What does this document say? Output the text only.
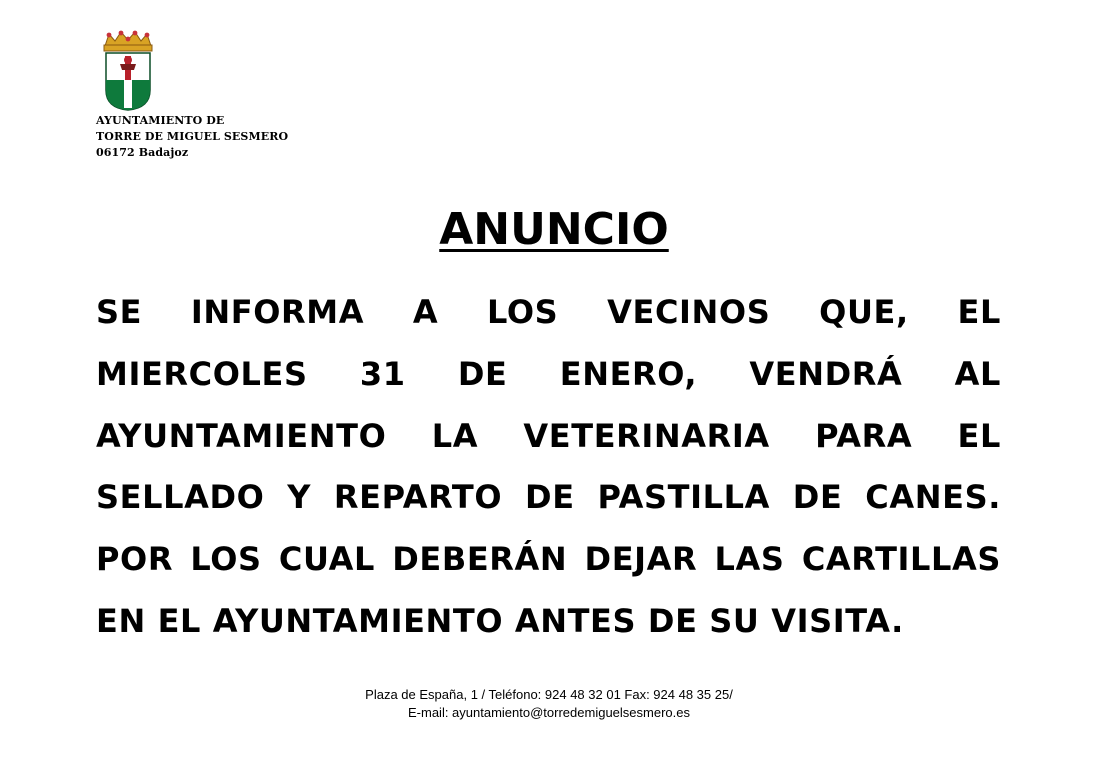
AYUNTAMIENTO DE
TORRE DE MIGUEL SESMERO
06172 Badajoz
ANUNCIO

SE INFORMA A LOS VECINOS QUE, EL MIERCOLES 31 DE ENERO, VENDRÁ AL AYUNTAMIENTO LA VETERINARIA PARA EL SELLADO Y REPARTO DE PASTILLA DE CANES. POR LOS CUAL DEBERÁN DEJAR LAS CARTILLAS EN EL AYUNTAMIENTO ANTES DE SU VISITA.

Plaza de España, 1 / Teléfono: 924 48 32 01 Fax: 924 48 35 25/
E-mail: ayuntamiento@torredemiguelsesmero.es
